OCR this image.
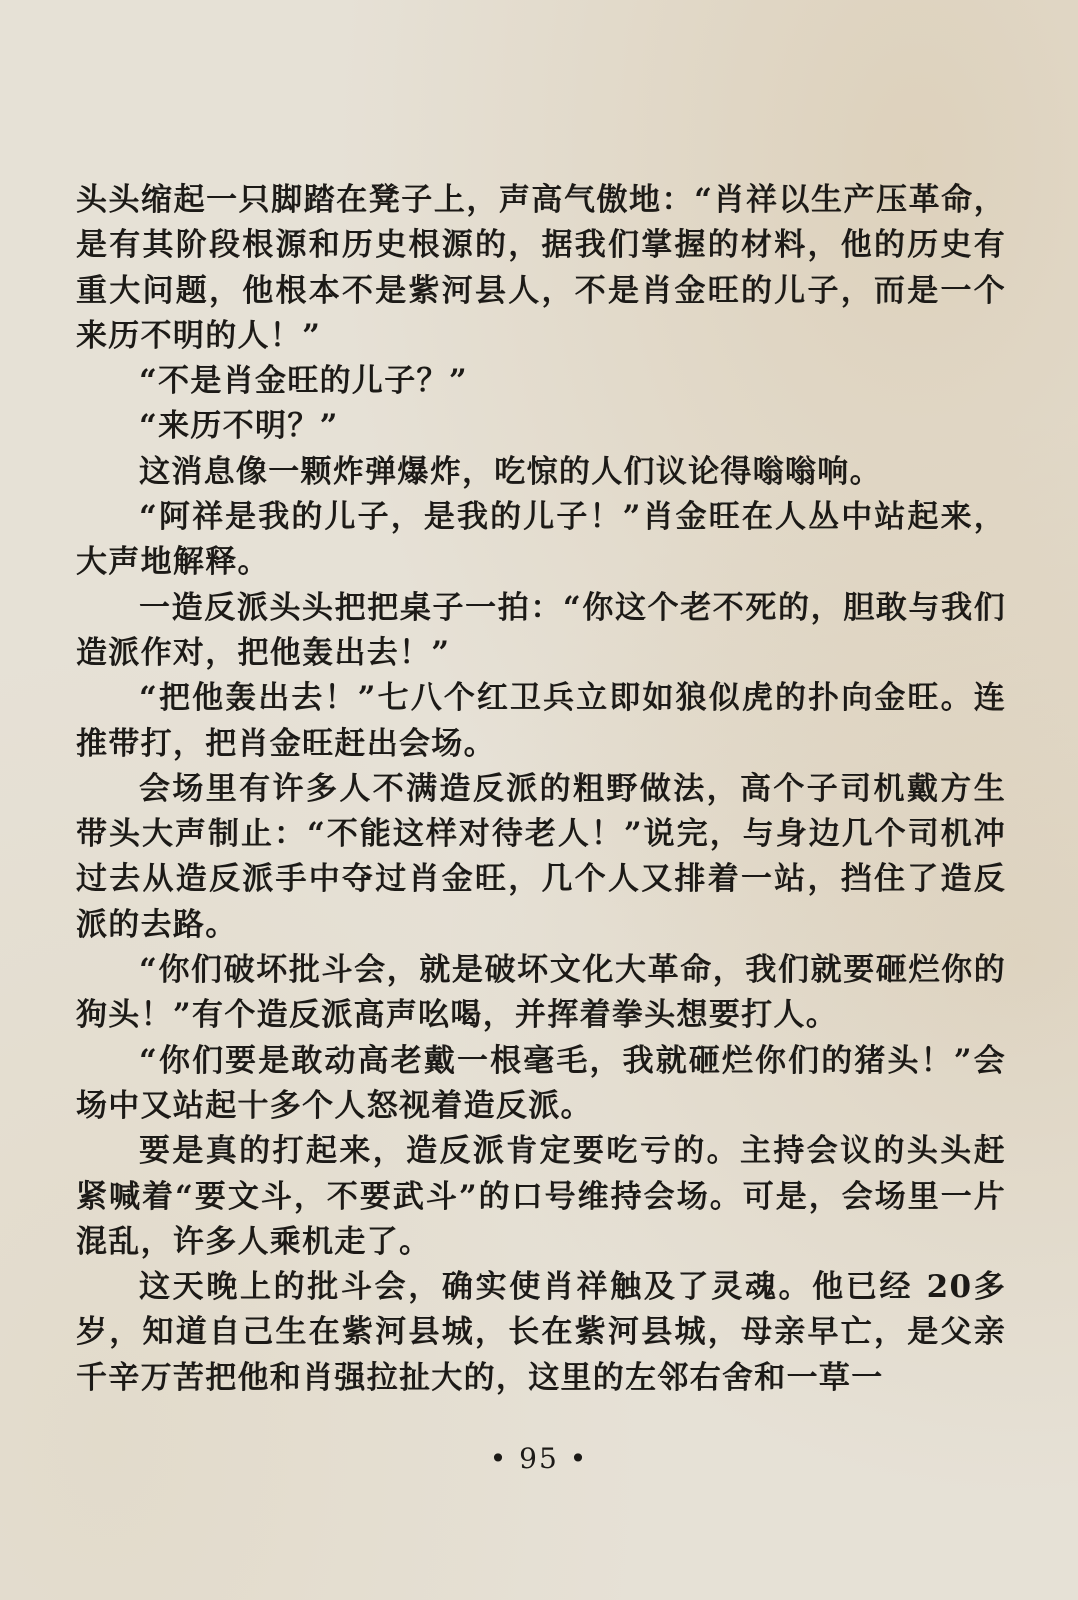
头头缩起一只脚踏在凳子上，声高气傲地：“肖祥以生产压革命，是有其阶段根源和历史根源的，据我们掌握的材料，他的历史有重大问题，他根本不是紫河县人，不是肖金旺的儿子，而是一个来历不明的人！”

“不是肖金旺的儿子？”

“来历不明？”

这消息像一颗炸弹爆炸，吃惊的人们议论得嗡嗡响。

“阿祥是我的儿子，是我的儿子！”肖金旺在人丛中站起来，大声地解释。

一造反派头头把把桌子一拍：“你这个老不死的，胆敢与我们造派作对，把他轰出去！”

“把他轰出去！”七八个红卫兵立即如狼似虎的扑向金旺。连推带打，把肖金旺赶出会场。

会场里有许多人不满造反派的粗野做法，高个子司机戴方生带头大声制止：“不能这样对待老人！”说完，与身边几个司机冲过去从造反派手中夺过肖金旺，几个人又排着一站，挡住了造反派的去路。

“你们破坏批斗会，就是破坏文化大革命，我们就要砸烂你的狗头！”有个造反派高声吆喝，并挥着拳头想要打人。

“你们要是敢动高老戴一根毫毛，我就砸烂你们的猪头！”会场中又站起十多个人怒视着造反派。

要是真的打起来，造反派肯定要吃亏的。主持会议的头头赶紧喊着“要文斗，不要武斗”的口号维持会场。可是，会场里一片混乱，许多人乘机走了。

这天晚上的批斗会，确实使肖祥触及了灵魂。他已经 20多岁，知道自己生在紫河县城，长在紫河县城，母亲早亡，是父亲千辛万苦把他和肖强拉扯大的，这里的左邻右舍和一草一

• 95 •
